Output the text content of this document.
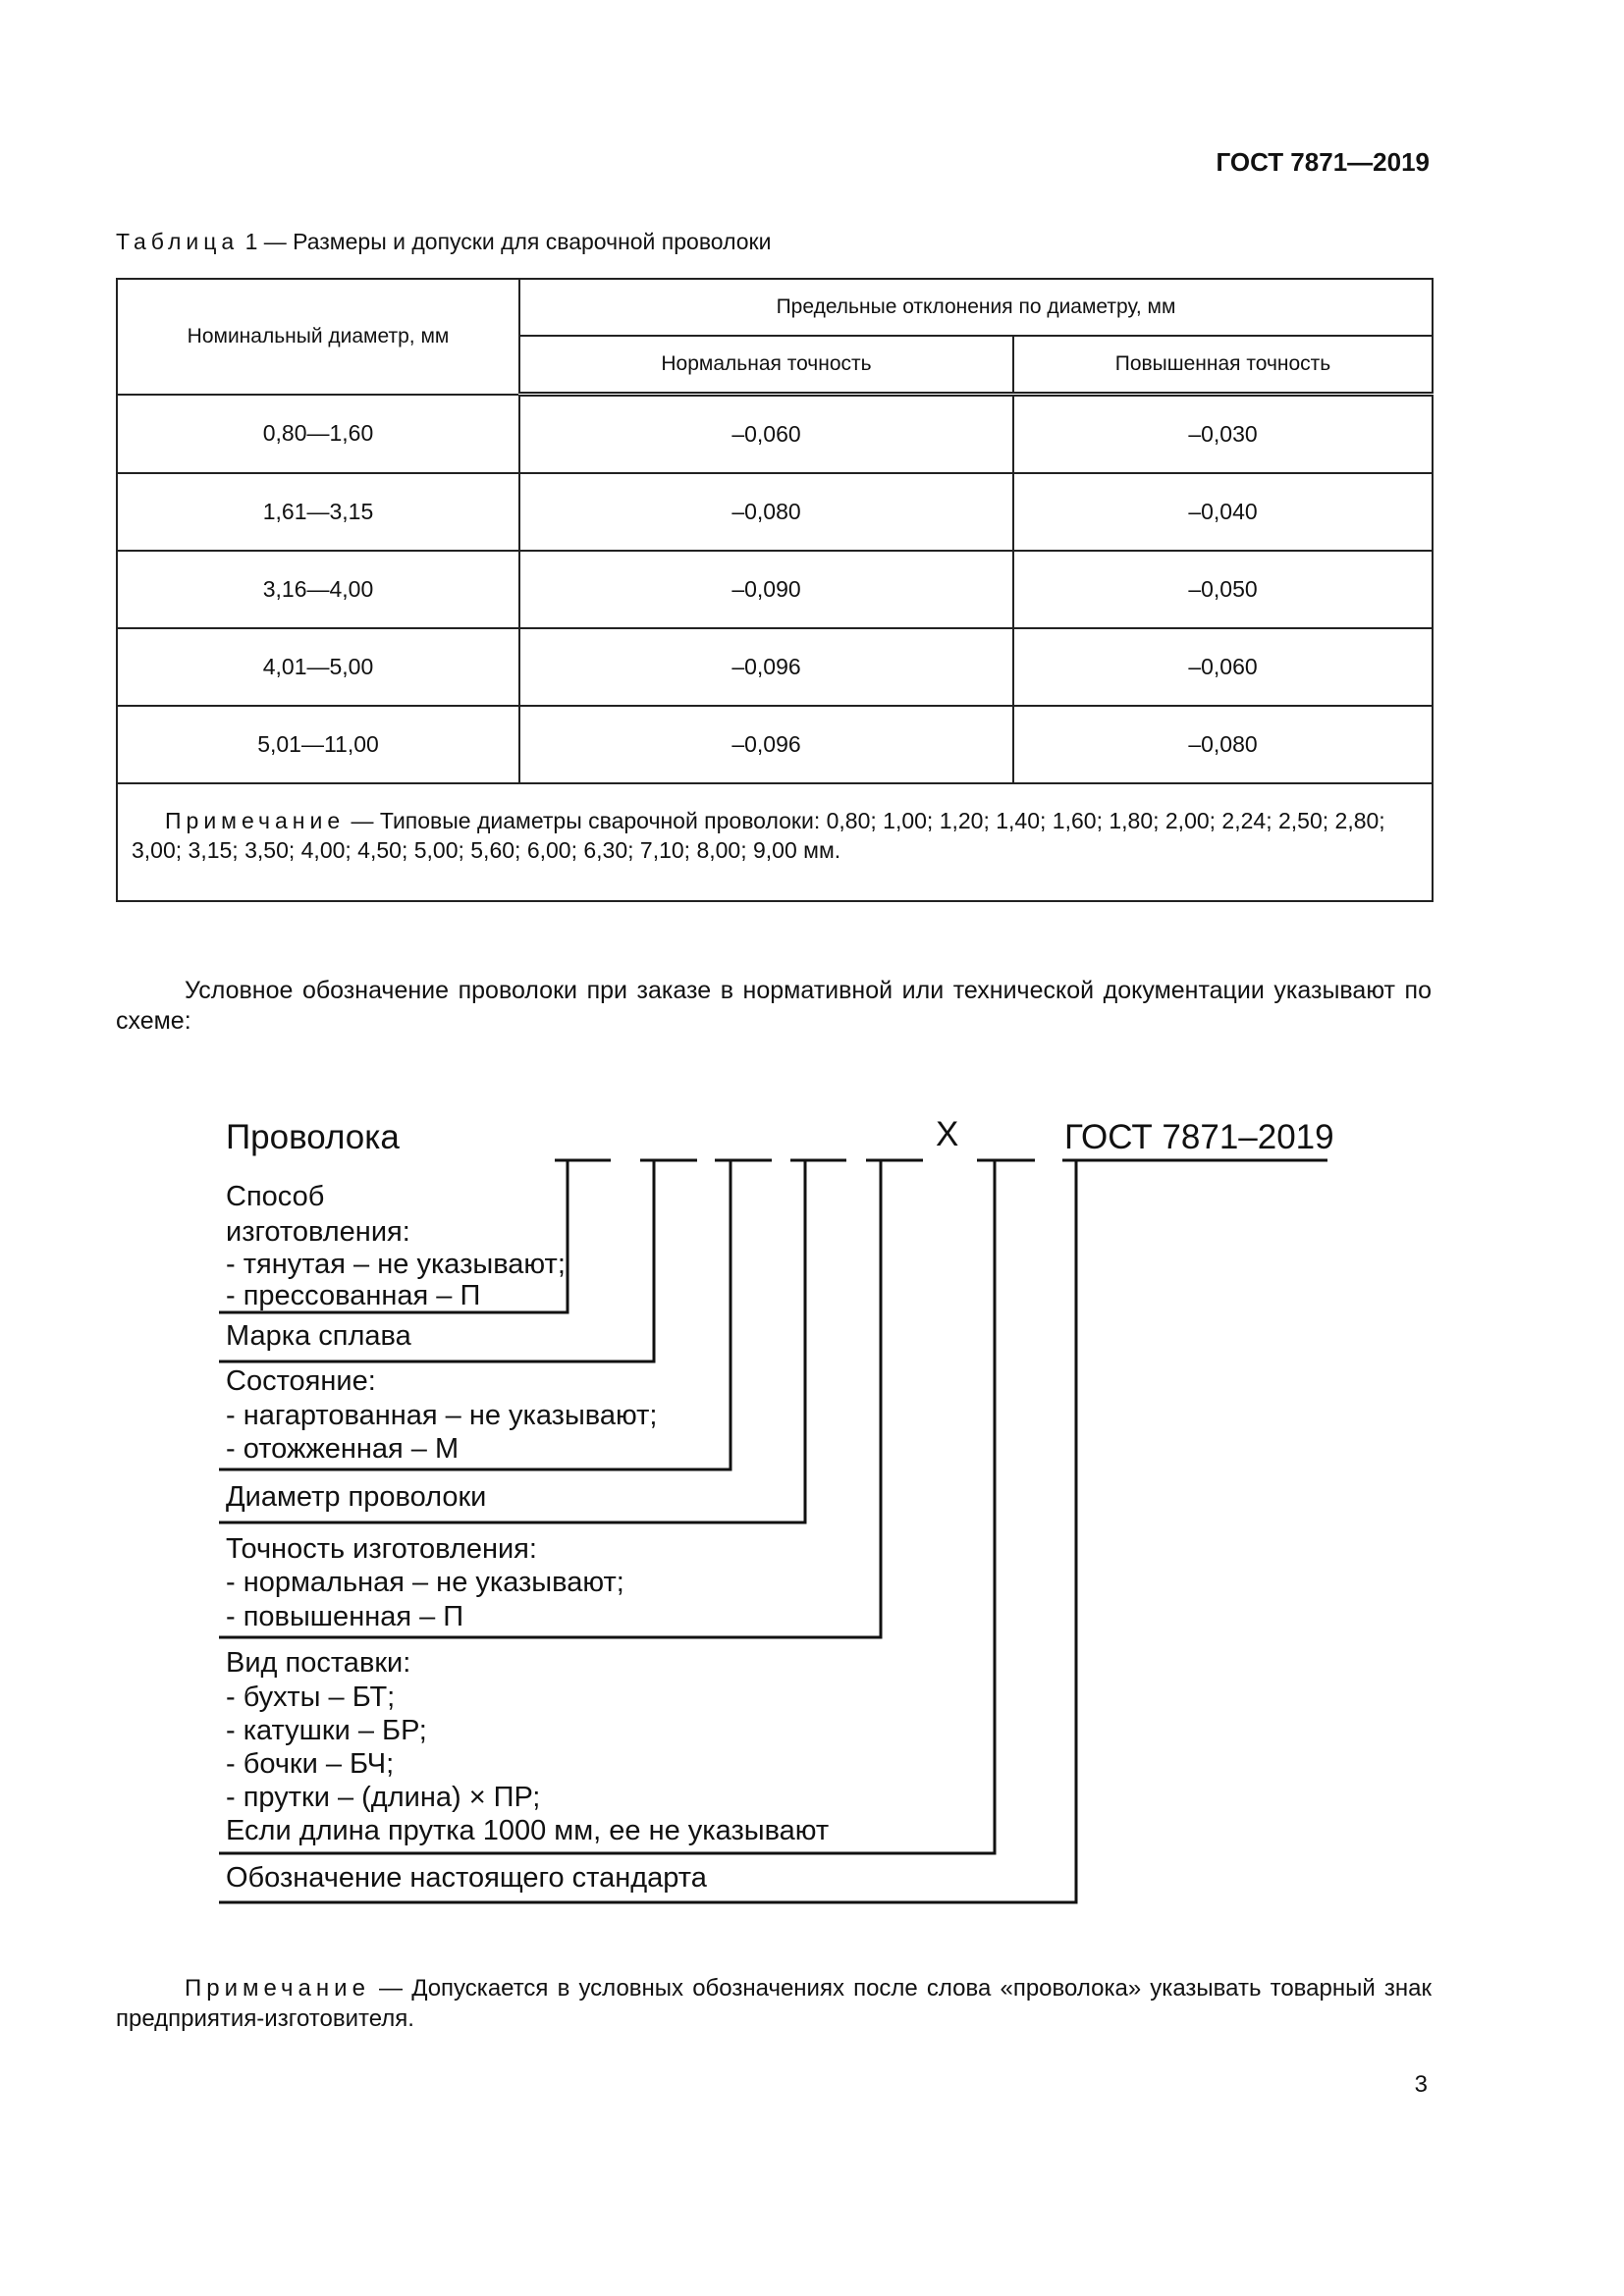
ГОСТ 7871—2019
Таблица 1 — Размеры и допуски для сварочной проволоки
Номинальный диаметр, мм	Предельные отклонения по диаметру, мм	
	Нормальная точность	Повышенная точность
0,80—1,60	–0,060	–0,030
1,61—3,15	–0,080	–0,040
3,16—4,00	–0,090	–0,050
4,01—5,00	–0,096	–0,060
5,01—11,00	–0,096	–0,080
Примечание — Типовые диаметры сварочной проволоки: 0,80; 1,00; 1,20; 1,40; 1,60; 1,80; 2,00; 2,24; 2,50; 2,80; 3,00; 3,15; 3,50; 4,00; 4,50; 5,00; 5,60; 6,00; 6,30; 7,10; 8,00; 9,00 мм.		
Условное обозначение проволоки при заказе в нормативной или технической документации указывают по схеме:
Проволока	Х	ГОСТ 7871–2019
Способ
изготовления:
- тянутая – не указывают;
- прессованная – П
Марка сплава
Состояние:
- нагартованная – не указывают;
- отожженная – М
Диаметр проволоки
Точность изготовления:
- нормальная – не указывают;
- повышенная – П
Вид поставки:
- бухты – БТ;
- катушки – БР;
- бочки – БЧ;
- прутки – (длина) × ПР;
Если длина прутка 1000 мм, ее не указывают
Обозначение настоящего стандарта
Примечание — Допускается в условных обозначениях после слова «проволока» указывать товарный знак предприятия-изготовителя.
3
